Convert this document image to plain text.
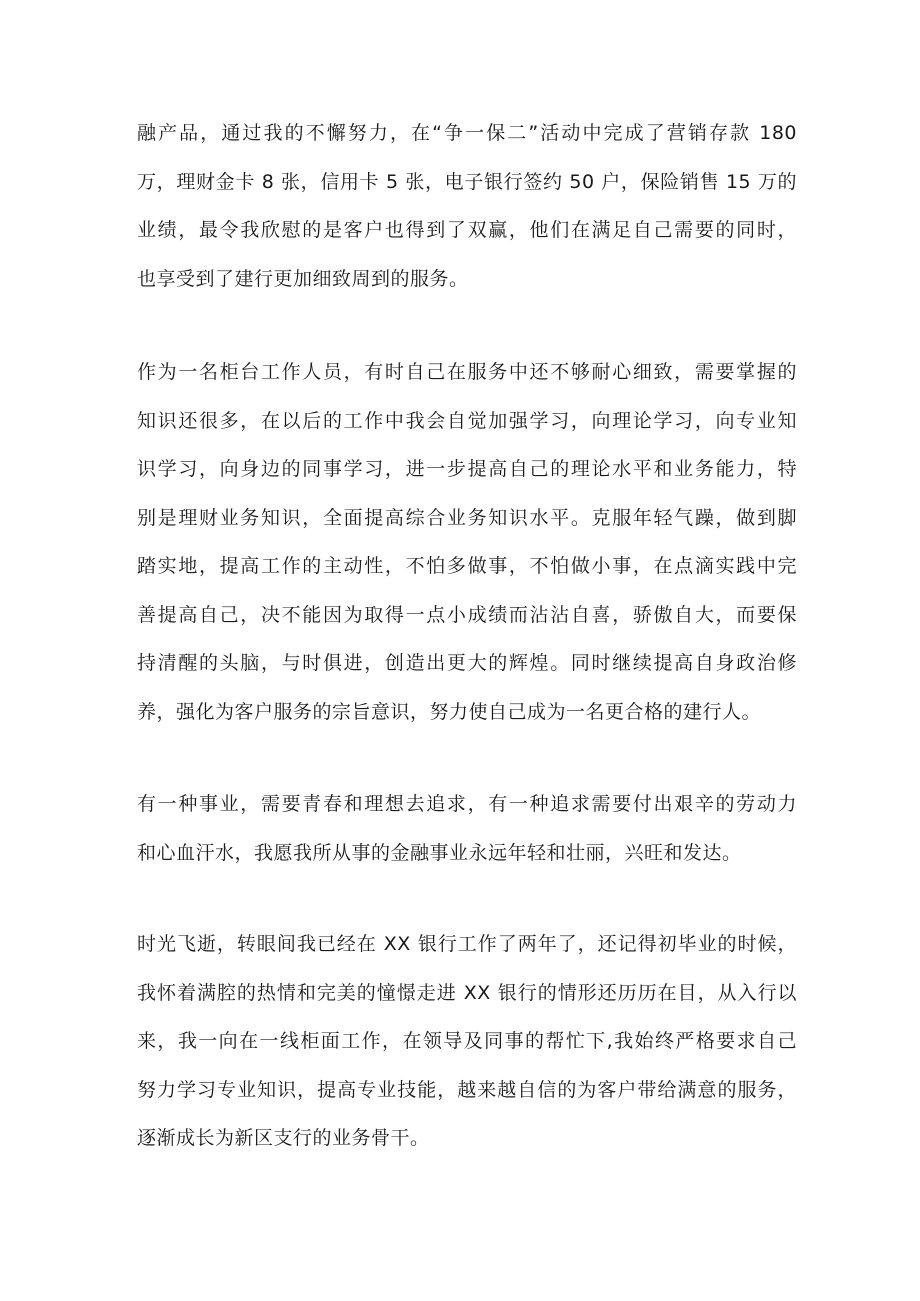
融产品，通过我的不懈努力，在“争一保二”活动中完成了营销存款 180
万，理财金卡 8 张，信用卡 5 张，电子银行签约 50 户，保险销售 15 万的
业绩，最令我欣慰的是客户也得到了双赢，他们在满足自己需要的同时，
也享受到了建行更加细致周到的服务。

作为一名柜台工作人员，有时自己在服务中还不够耐心细致，需要掌握的
知识还很多，在以后的工作中我会自觉加强学习，向理论学习，向专业知
识学习，向身边的同事学习，进一步提高自己的理论水平和业务能力，特
别是理财业务知识，全面提高综合业务知识水平。克服年轻气躁，做到脚
踏实地，提高工作的主动性，不怕多做事，不怕做小事，在点滴实践中完
善提高自己，决不能因为取得一点小成绩而沾沾自喜，骄傲自大，而要保
持清醒的头脑，与时俱进，创造出更大的辉煌。同时继续提高自身政治修
养，强化为客户服务的宗旨意识，努力使自己成为一名更合格的建行人。

有一种事业，需要青春和理想去追求，有一种追求需要付出艰辛的劳动力
和心血汗水，我愿我所从事的金融事业永远年轻和壮丽，兴旺和发达。

时光飞逝，转眼间我已经在 XX 银行工作了两年了，还记得初毕业的时候，
我怀着满腔的热情和完美的憧憬走进 XX 银行的情形还历历在目，从入行以
来，我一向在一线柜面工作，在领导及同事的帮忙下,我始终严格要求自己
努力学习专业知识，提高专业技能，越来越自信的为客户带给满意的服务，
逐渐成长为新区支行的业务骨干。
